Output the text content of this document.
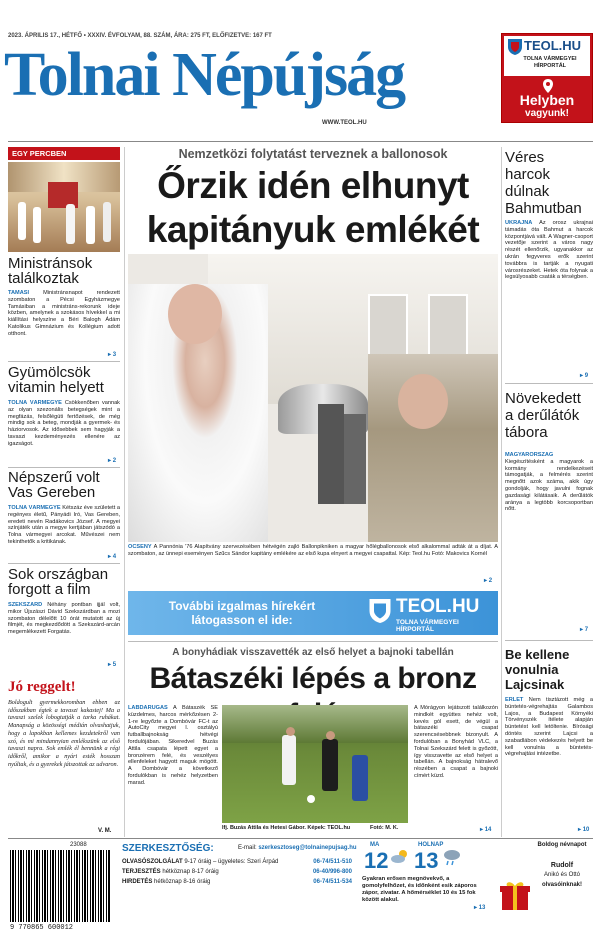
2023. ÁPRILIS 17., HÉTFŐ • XXXIV. ÉVFOLYAM, 88. SZÁM, ÁRA: 275 FT, ELŐFIZETVE: 167 FT
Tolnai Népújság
WWW.TEOL.HU
TEOL.HU
TOLNA VÁRMEGYEI HÍRPORTÁL
Helyben
vagyunk!
EGY PERCBEN
Ministránsok találkoztak
TAMÁSI	Ministránsnapot rendezett szombaton a Pécsi Egyházmegye Tamásiban a ministráns-rekorunk ideje közben, amelynek a szokásos hívekkel a mi kiállítási helyszíne a Béri Balogh Ádám Katolikus Gimnázium és Kollégium adott otthont.
▸ 3
Gyümölcsök vitamin helyett
TOLNA VÁRMEGYE Csökkenőben vannak az olyan szezonális betegségek mint a megfázás, felsőlégúti fertőzések, de még mindig sok a beteg, mondják a gyermek- és háziorvosok. Az idősebbek sem hagyják a tavaszi kezdeményezés ellenére az igazságot.
▸ 2
Népszerű volt Vas Gereben
TOLNA VÁRMEGYE Kétszáz éve született a regényes életű, Pányádi Iró, Vas Gereben, eredeti nevén Radákovics József. A megyei színjáték után a megye kertjában játszódó a Tolna vármegyei arcokat. Művészei nem tekinthetők a kritikának.
▸ 4
Sok országban forgott a film
SZEKSZÁRD Néhány pontban ijjál volt, mikor Újszászi Dávid Szekszárdban a mozi szombaton délelőtt 10 órát mutatott az új filmjét, és megkezdődött a Szekszárd-arcán megemlékezett Forgatás.
▸ 5
Jó reggelt!
Boldogult gyermekkoromban ebben az időszakban égtek a tavaszi kakastej! Ma a tavaszi szelek lobogtatják a tarka ruhákat. Manapság a közösségi médián olvashatjuk, hogy a lapokban kellemes kezdetekről van szó, és mi mindannyian emlékszünk az első tavaszi napra. Sok emlék él bennünk a régi időkről, amikor a nyári esték hosszan nyúltak, és a gyerekek játszottak az udvaron.
V. M.
Nemzetközi folytatást terveznek a ballonosok
Őrzik idén elhunyt kapitányuk emlékét
ÖCSÉNY A Pannónia '76 Alapítvány szervezésében hétvégén zajló Ballonpikniken a magyar hőlégballonosok első alkalommal adták át a díjat. A szombaton, az ünnepi eseményen Szűcs Sándor kapitány emlékére az első kupa elnyert a megyei csapattal. Kép: Teol.hu Fotó: Makovics Kornél
▸ 2
További izgalmas hírekért látogasson el ide:
TEOL.HU
TOLNA VÁRMEGYEI HÍRPORTÁL
A bonyhádiak visszavették az első helyet a bajnoki tabellán
Bátaszéki lépés a bronz
LABDARÚGÁS A Bátaszék SE küzdelmes, harcos mérkőzésen 2-1-re legyőzte a Dombóvár FC-t az AutoCity megyei I. osztályú futballbajnokság hétvégi fordulójában. Sikeredvel Buzás Attila csapata lépett egyet a bronzérem felé, és veszélyes ellenfeleket hagyott maguk mögött. A Dombóvár a következő fordulókban is nehéz helyzetben marad.
Ifj. Buzás Attila és Hetesi Gábor. Képek: TEOL.hu	Fotó: M. K.
A Mórágyon lejátszott találkozón mindkét együttes nehéz volt, kevés gól esett, de végül a bátaszéki csapat szerencsésebbnek bizonyult. A fordulóban a Bonyhád VLC, a Tolnai Szekszárd felett is győzött, így visszavette az első helyet a tabellán. A bajnokság hátralevő részében a csapat a bajnoki címért küzd.
▸ 14
Véres harcok dúlnak Bahmutban
UKRAJNA Az orosz ukrajnai támadás óta Bahmut a harcok központjává vált. A Wagner-csoport vezetője szerint a város nagy részét ellenőrzik, ugyanakkor az ukrán fegyveres erők szerint továbbra is tartják a nyugati városrészeket. Hetek óta folynak a legsúlyosabb csaták a térségben.
▸ 9
Növekedett a derűlátók tábora
MAGYARORSZÁG Kiegészítésként a magyarok a kormány rendelkezéseit támogatják, a felmérés szerint megnőtt azok száma, akik úgy gondolják, hogy javulni fognak gazdasági kilátásaik. A derűlátók aránya a legtöbb korcsoportban nőtt.
▸ 7
Be kellene vonulnia Lajcsinak
ÉRLET Nem tisztázott még a büntetés-végrehajtás Galambos Lajos, a Budapest Környéki Törvényszék ítélete alapján büntetést kell letöltenie. Bírósági döntés szerint Lajcsi a szabadlábon védekezés helyett be kell vonulnia a büntetés-végrehajtási intézetbe.
▸ 10
23088
9 770865 600012
SZERKESZTŐSÉG:	E-mail: szerkesztoseg@tolnainepujsag.hu
OLVASÓSZOLGÁLAT 9-17 óráig – ügyeletes: Szeri Árpád	06-74/511-510
TERJESZTÉS hétköznap 8-17 óráig	06-40/996-800
HIRDETÉS hétköznap 8-16 óráig	06-74/511-534
MA
12
HOLNAP
13
Gyakran erősen megnövekvő, a gomolyfelhőzet, és időnként esik záporos zápor, zivatar. A hőmérséklet 10 és 15 fok között alakul.
▸ 13
Boldog névnapot
Rudolf
Anikó és Ottó
olvasóinknak!
